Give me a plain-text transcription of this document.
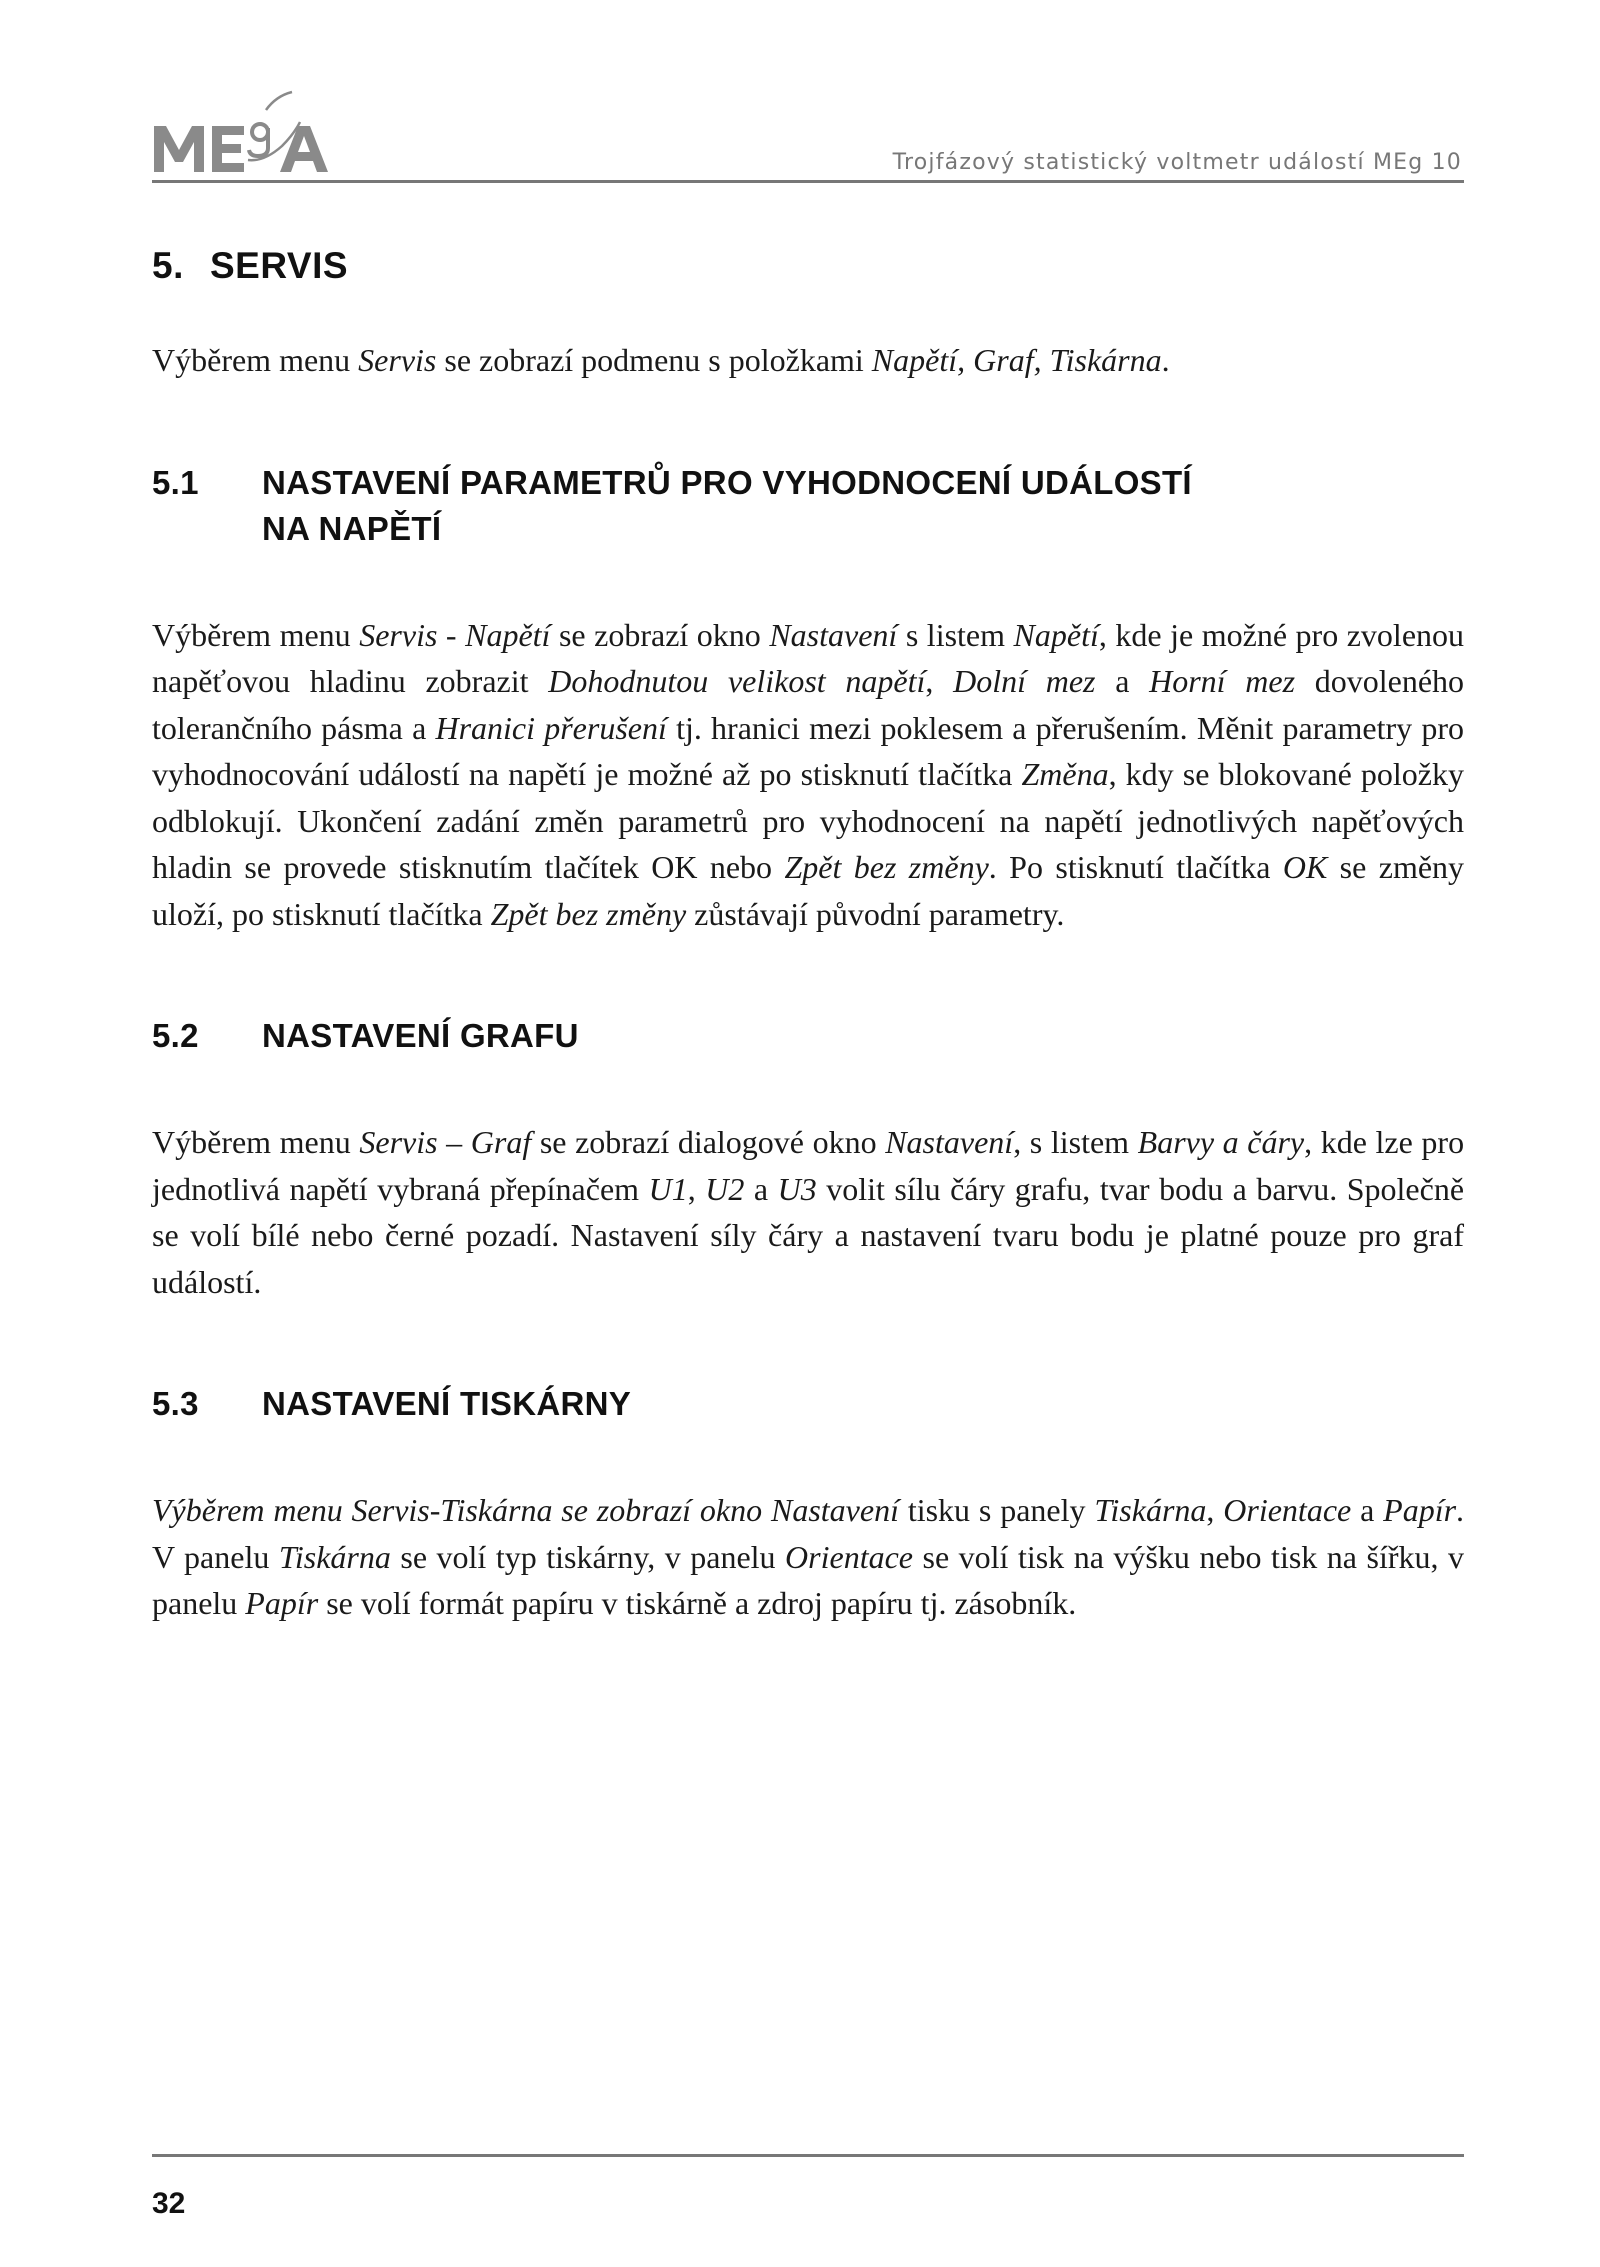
Trojfázový statistický voltmetr událostí MEg 10
5. SERVIS

Výběrem menu Servis se zobrazí podmenu s položkami Napětí, Graf, Tiskárna.

5.1	NASTAVENÍ PARAMETRŮ PRO VYHODNOCENÍ UDÁLOSTÍ
NA NAPĚTÍ

Výběrem menu Servis - Napětí se zobrazí okno Nastavení s listem Napětí, kde je možné pro zvolenou napěťovou hladinu zobrazit Dohodnutou velikost napětí, Dolní mez a Horní mez dovoleného tolerančního pásma a Hranici přerušení tj. hranici mezi poklesem a přerušením. Měnit parametry pro vyhodnocování událostí na napětí je možné až po stisknutí tlačítka Změna, kdy se blokované položky odblokují. Ukončení zadání změn parametrů pro vyhodnocení na napětí jednotlivých napěťových hladin se provede stisknutím tlačítek OK nebo Zpět bez změny. Po stisknutí tlačítka OK se změny uloží, po stisknutí tlačítka Zpět bez změny zůstávají původní parametry.

5.2	NASTAVENÍ GRAFU

Výběrem menu Servis – Graf se zobrazí dialogové okno Nastavení, s listem Barvy a čáry, kde lze pro jednotlivá napětí vybraná přepínačem U1, U2 a U3 volit sílu čáry grafu, tvar bodu a barvu. Společně se volí bílé nebo černé pozadí. Nastavení síly čáry a nastavení tvaru bodu je platné pouze pro graf událostí.

5.3	NASTAVENÍ TISKÁRNY

Výběrem menu Servis-Tiskárna se zobrazí okno Nastavení tisku s panely Tiskárna, Orientace a Papír. V panelu Tiskárna se volí typ tiskárny, v panelu Orientace se volí tisk na výšku nebo tisk na šířku, v panelu Papír se volí formát papíru v tiskárně a zdroj papíru tj. zásobník.

32
